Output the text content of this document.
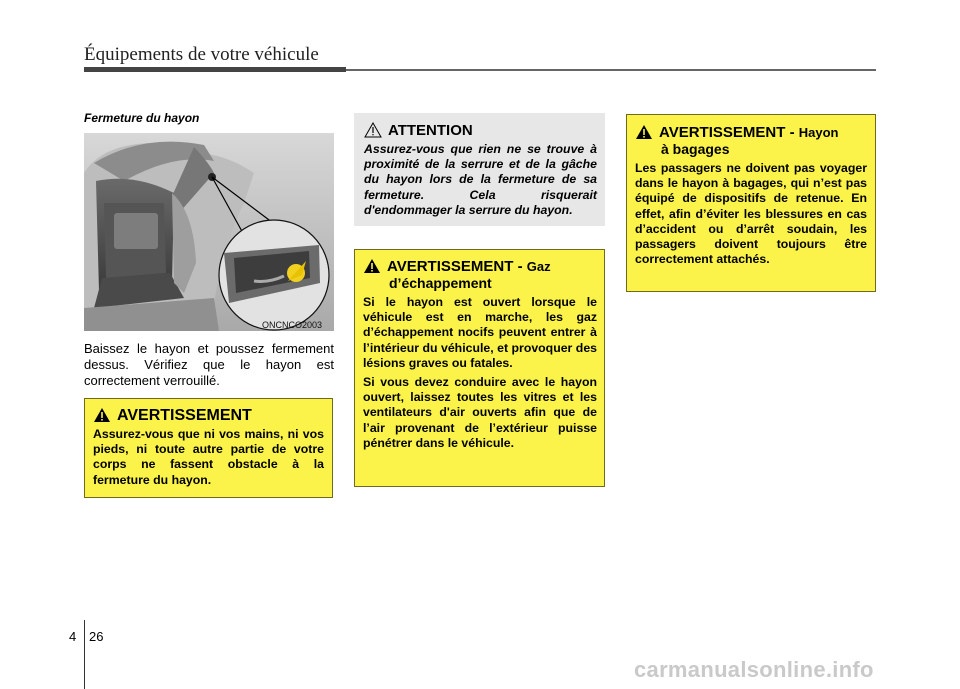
Équipements de votre véhicule
Fermeture du hayon
ONCNCO2003
Baissez le hayon et poussez fermement dessus. Vérifiez que le hayon est correctement verrouillé.
AVERTISSEMENT
Assurez-vous que ni vos mains, ni vos pieds, ni toute autre partie de votre corps ne fassent obstacle à la fermeture du hayon.
ATTENTION
Assurez-vous que rien ne se trouve à proximité de la serrure et de la gâche du hayon lors de la fermeture de sa fermeture. Cela risquerait d'endommager la serrure du hayon.
AVERTISSEMENT - Gaz
d’échappement
Si le hayon est ouvert lorsque le véhicule est en marche, les gaz d’échappement nocifs peuvent entrer à l’intérieur du véhicule, et provoquer des lésions graves ou fatales.
Si vous devez conduire avec le hayon ouvert, laissez toutes les vitres et les ventilateurs d'air ouverts afin que de l’air provenant de l’extérieur puisse pénétrer dans le véhicule.
AVERTISSEMENT - Hayon
à bagages
Les passagers ne doivent pas voyager dans le hayon à bagages, qui n’est pas équipé de dispositifs de retenue. En effet, afin d’éviter les blessures en cas d’accident ou d’arrêt soudain, les passagers doivent toujours être correctement attachés.
4 26
carmanualsonline.info
